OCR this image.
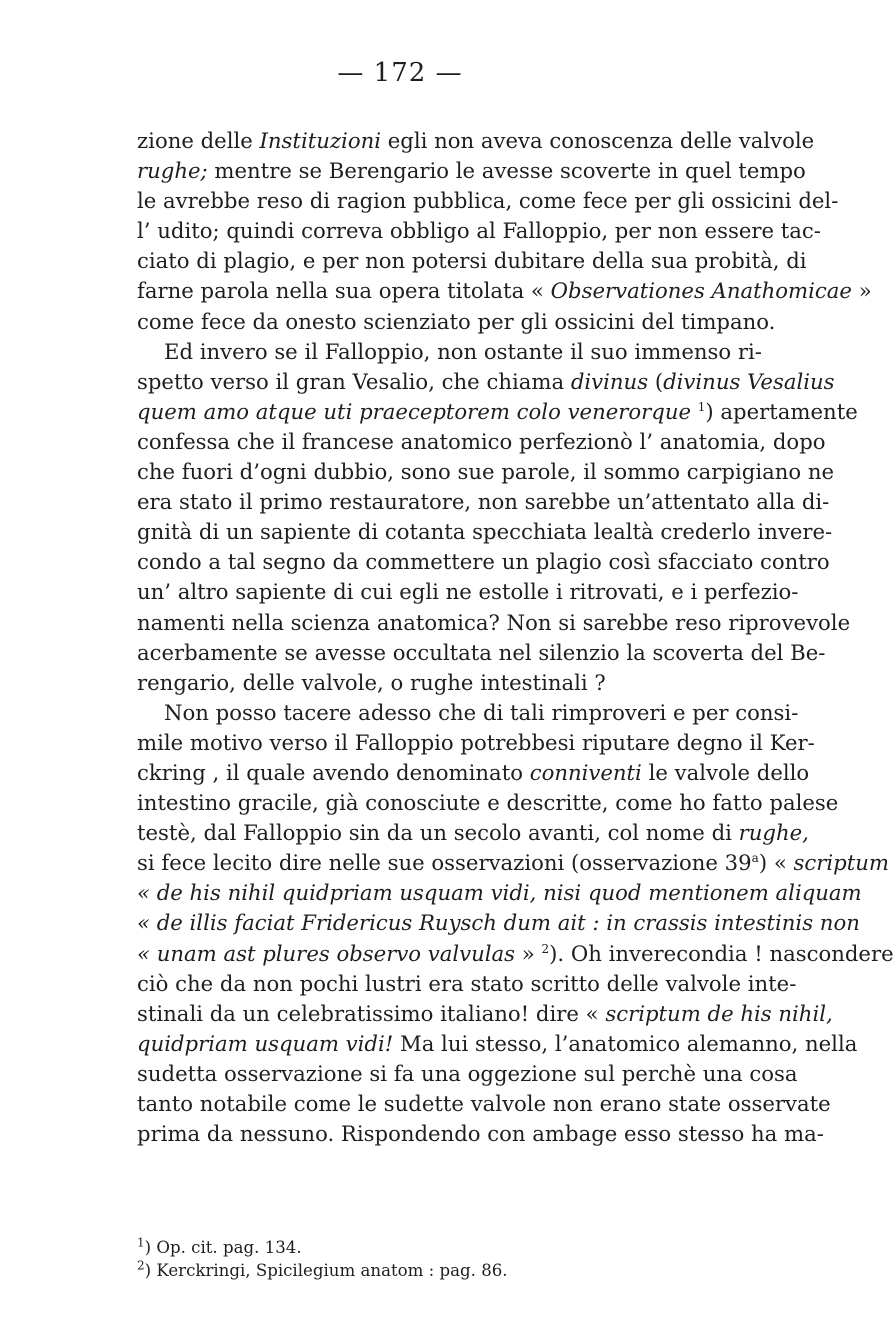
— 172 —
zione delle Instituzioni egli non aveva conoscenza delle valvole
rughe; mentre se Berengario le avesse scoverte in quel tempo
le avrebbe reso di ragion pubblica, come fece per gli ossicini del-
l’ udito; quindi correva obbligo al Falloppio, per non essere tac-
ciato di plagio, e per non potersi dubitare della sua probità, di
farne parola nella sua opera titolata « Observationes Anathomicae »
come fece da onesto scienziato per gli ossicini del timpano.
Ed invero se il Falloppio, non ostante il suo immenso ri-
spetto verso il gran Vesalio, che chiama divinus (divinus Vesalius
quem amo atque uti praeceptorem colo venerorque $^1$) apertamente
confessa che il francese anatomico perfezionò l’ anatomia, dopo
che fuori d’ogni dubbio, sono sue parole, il sommo carpigiano ne
era stato il primo restauratore, non sarebbe un’attentato alla di-
gnità di un sapiente di cotanta specchiata lealtà crederlo invere-
condo a tal segno da commettere un plagio così sfacciato contro
un’ altro sapiente di cui egli ne estolle i ritrovati, e i perfezio-
namenti nella scienza anatomica? Non si sarebbe reso riprovevole
acerbamente se avesse occultata nel silenzio la scoverta del Be-
rengario, delle valvole, o rughe intestinali ?
Non posso tacere adesso che di tali rimproveri e per consi-
mile motivo verso il Falloppio potrebbesi riputare degno il Ker-
ckring , il quale avendo denominato conniventi le valvole dello
intestino gracile, già conosciute e descritte, come ho fatto palese
testè, dal Falloppio sin da un secolo avanti, col nome di rughe,
si fece lecito dire nelle sue osservazioni (osservazione 39$^a$) « scriptum
« de his nihil quidpriam usquam vidi, nisi quod mentionem aliquam
« de illis faciat Fridericus Ruysch dum ait : in crassis intestinis non
« unam ast plures observo valvulas » $^2$). Oh inverecondia ! nascondere
ciò che da non pochi lustri era stato scritto delle valvole inte-
stinali da un celebratissimo italiano! dire « scriptum de his nihil,
quidpriam usquam vidi! Ma lui stesso, l’anatomico alemanno, nella
sudetta osservazione si fa una oggezione sul perchè una cosa
tanto notabile come le sudette valvole non erano state osservate
prima da nessuno. Rispondendo con ambage esso stesso ha ma-
$^1$) Op. cit. pag. 134.
$^2$) Kerckringi, Spicilegium anatom : pag. 86.
